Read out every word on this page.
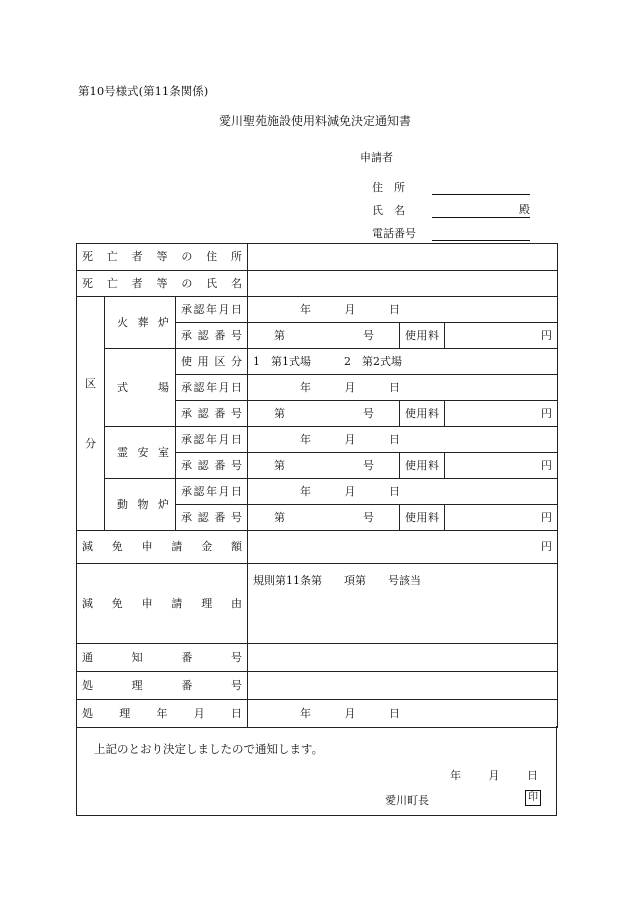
第10号様式(第11条関係)
愛川聖苑施設使用料減免決定通知書
申請者
住　所
氏　名	殿
電話番号
死亡者等の住所					
死亡者等の氏名					

区
分	火葬炉	承認年月日	年 月 日		
		承認番号	第 号	使用料	円
	式場	使用区分	1　第1式場　　　2　第2式場		
		承認年月日	年 月 日		
		承認番号	第 号	使用料	円
	霊安室	承認年月日	年 月 日		
		承認番号	第 号	使用料	円
	動物炉	承認年月日	年 月 日		
		承認番号	第 号	使用料	円
減免申請金額			円		
減免申請理由			規則第11条第　　項第　　号該当		
通知番号					
処理番号					
処理年月日			年 月 日		
上記のとおり決定しましたので通知します。
年	月	日
愛川町長	印
